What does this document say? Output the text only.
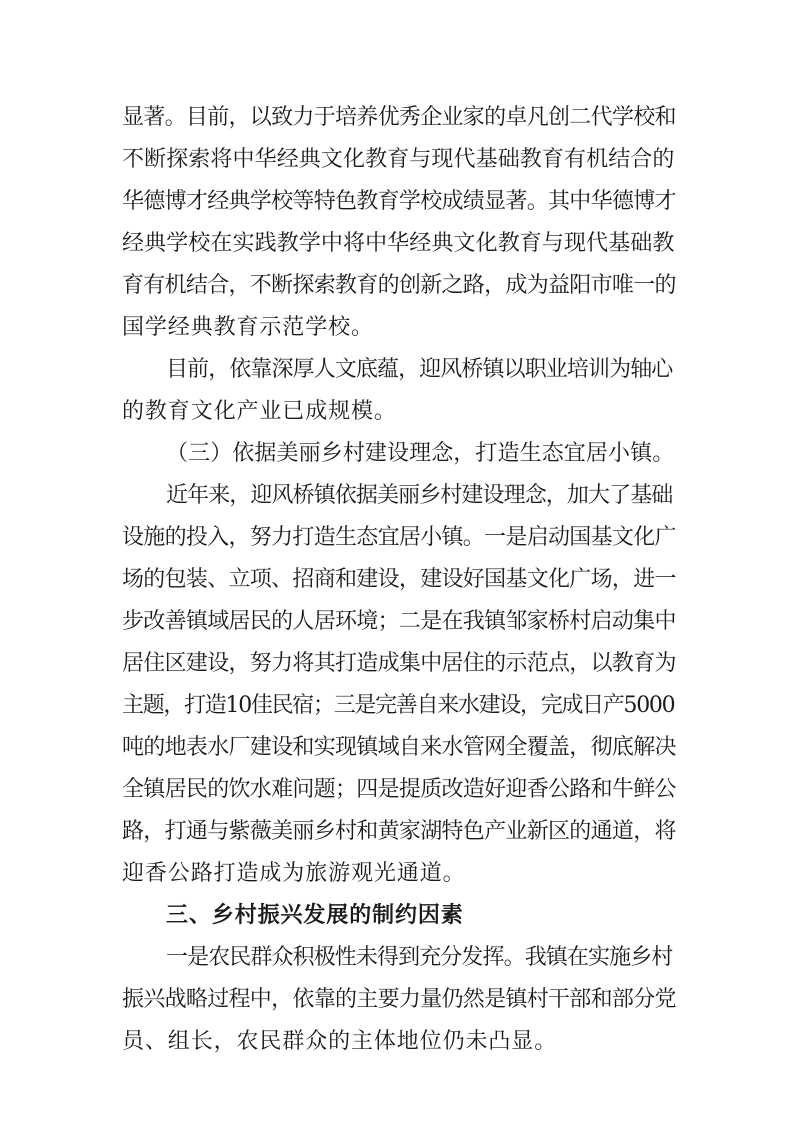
显著。目前，以致力于培养优秀企业家的卓凡创二代学校和
不断探索将中华经典文化教育与现代基础教育有机结合的
华德博才经典学校等特色教育学校成绩显著。其中华德博才
经典学校在实践教学中将中华经典文化教育与现代基础教
育有机结合，不断探索教育的创新之路，成为益阳市唯一的
国学经典教育示范学校。
目前，依靠深厚人文底蕴，迎风桥镇以职业培训为轴心
的教育文化产业已成规模。
（三）依据美丽乡村建设理念，打造生态宜居小镇。
近年来，迎风桥镇依据美丽乡村建设理念，加大了基础
设施的投入，努力打造生态宜居小镇。一是启动国基文化广
场的包装、立项、招商和建设，建设好国基文化广场，进一
步改善镇域居民的人居环境；二是在我镇邹家桥村启动集中
居住区建设，努力将其打造成集中居住的示范点，以教育为
主题，打造10佳民宿；三是完善自来水建设，完成日产5000
吨的地表水厂建设和实现镇域自来水管网全覆盖，彻底解决
全镇居民的饮水难问题；四是提质改造好迎香公路和牛鲜公
路，打通与紫薇美丽乡村和黄家湖特色产业新区的通道，将
迎香公路打造成为旅游观光通道。
三、乡村振兴发展的制约因素
一是农民群众积极性未得到充分发挥。我镇在实施乡村
振兴战略过程中，依靠的主要力量仍然是镇村干部和部分党
员、组长，农民群众的主体地位仍未凸显。
